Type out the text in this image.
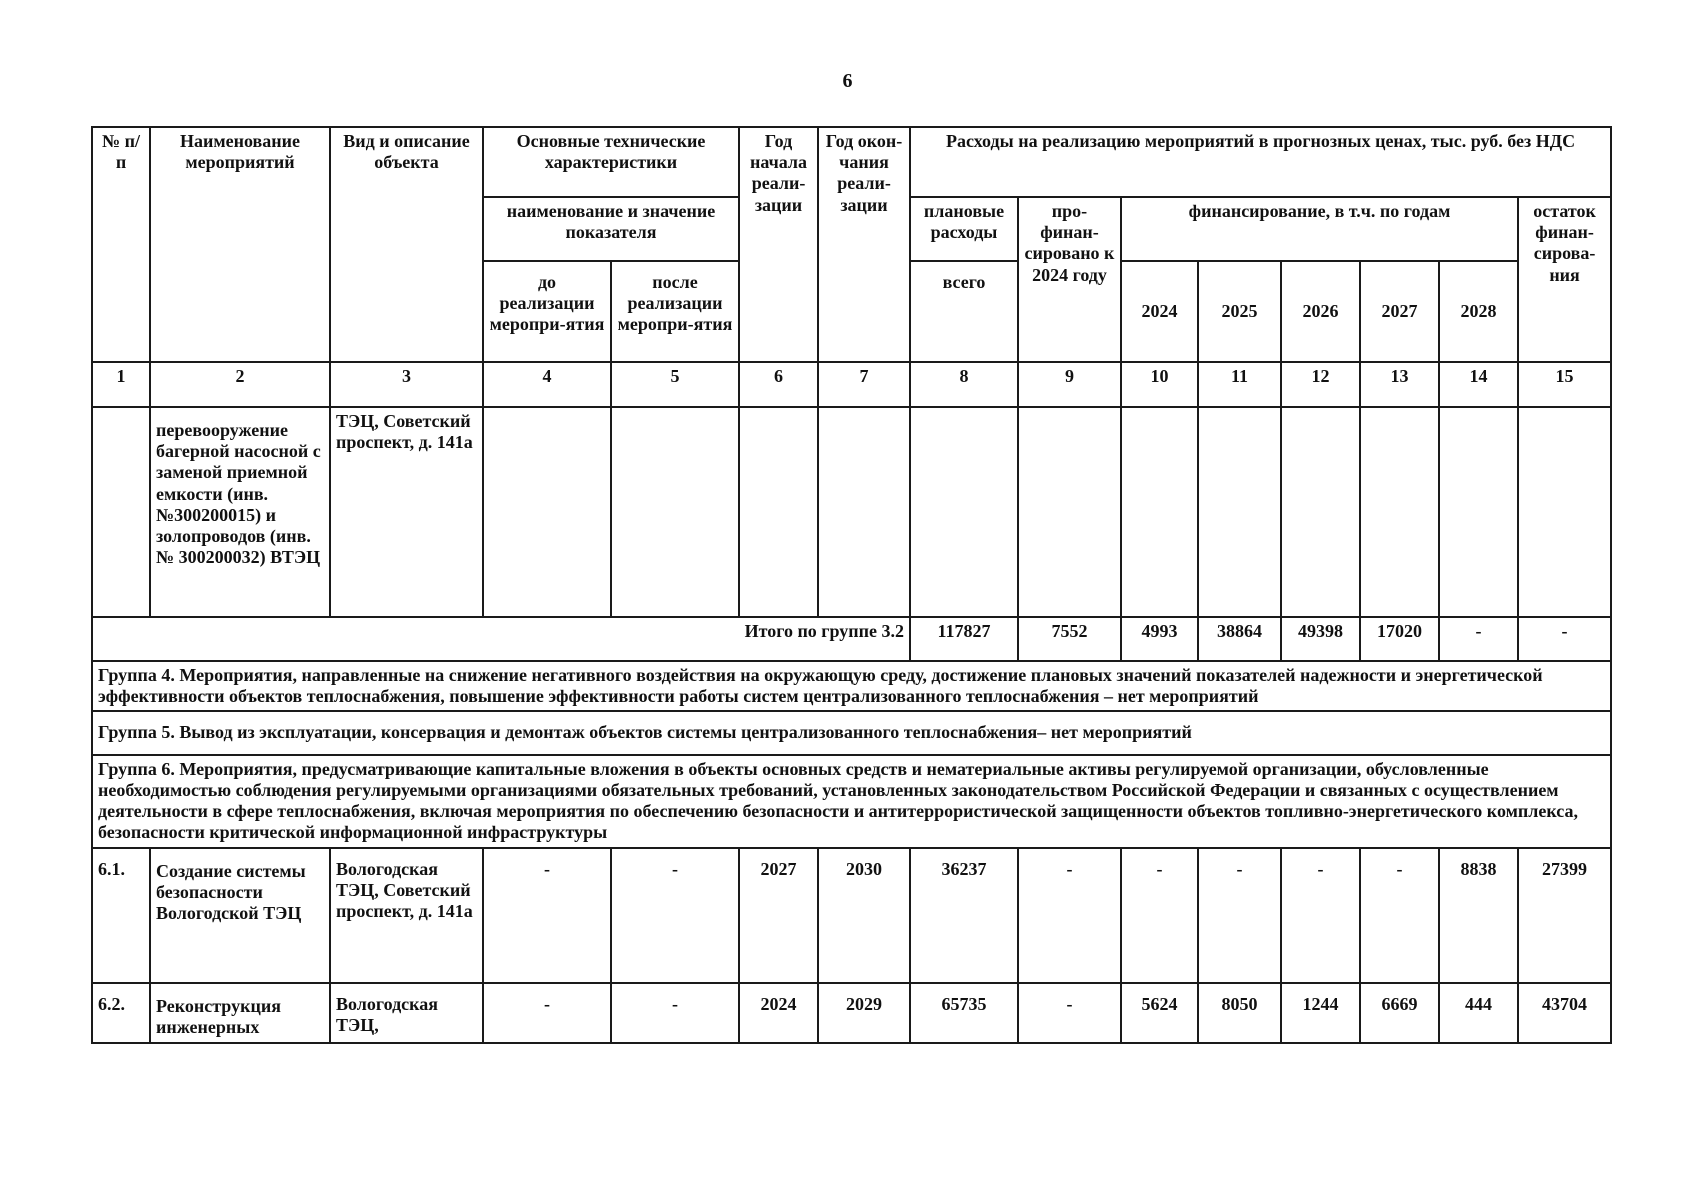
6
№ п/п	Наименование мероприятий	Вид и описание объекта	Основные технические характеристики		Год начала реали-зации	Год окон-чания реали-зации	Расходы на реализацию мероприятий в прогнозных ценах, тыс. руб. без НДС							
			наименование и значение показателя				плановые расходы	про-финан-сировано к 2024 году	финансирование, в т.ч. по годам					остаток финан-сирова-ния
			до реализации меропри-ятия	после реализации меропри-ятия										
							всего							
									2024	2025	2026	2027	2028	
1	2	3	4	5	6	7	8	9	10	11	12	13	14	15
	перевооружение багерной насосной с заменой приемной емкости (инв. №300200015) и золопроводов (инв.№ 300200032) ВТЭЦ	ТЭЦ, Советский проспект, д. 141а												
Итого по группе 3.2							117827	7552	4993	38864	49398	17020	-	-
Группа 4. Мероприятия, направленные на снижение негативного воздействия на окружающую среду, достижение плановых значений показателей надежности и энергетической эффективности объектов теплоснабжения, повышение эффективности работы систем централизованного теплоснабжения – нет мероприятий														
Группа 5. Вывод из эксплуатации, консервация и демонтаж объектов системы централизованного теплоснабжения– нет мероприятий														
Группа 6. Мероприятия, предусматривающие капитальные вложения в объекты основных средств и нематериальные активы регулируемой организации, обусловленные необходимостью соблюдения регулируемыми организациями обязательных требований, установленных законодательством Российской Федерации и связанных с осуществлением деятельности в сфере теплоснабжения, включая мероприятия по обеспечению безопасности и антитеррористической защищенности объектов топливно-энергетического комплекса, безопасности критической информационной инфраструктуры														
6.1.	Создание системы безопасности Вологодской ТЭЦ	Вологодская ТЭЦ, Советский проспект, д. 141а	-	-	2027	2030	36237	-	-	-	-	-	8838	27399
6.2.	Реконструкция инженерных	Вологодская ТЭЦ,	-	-	2024	2029	65735	-	5624	8050	1244	6669	444	43704
